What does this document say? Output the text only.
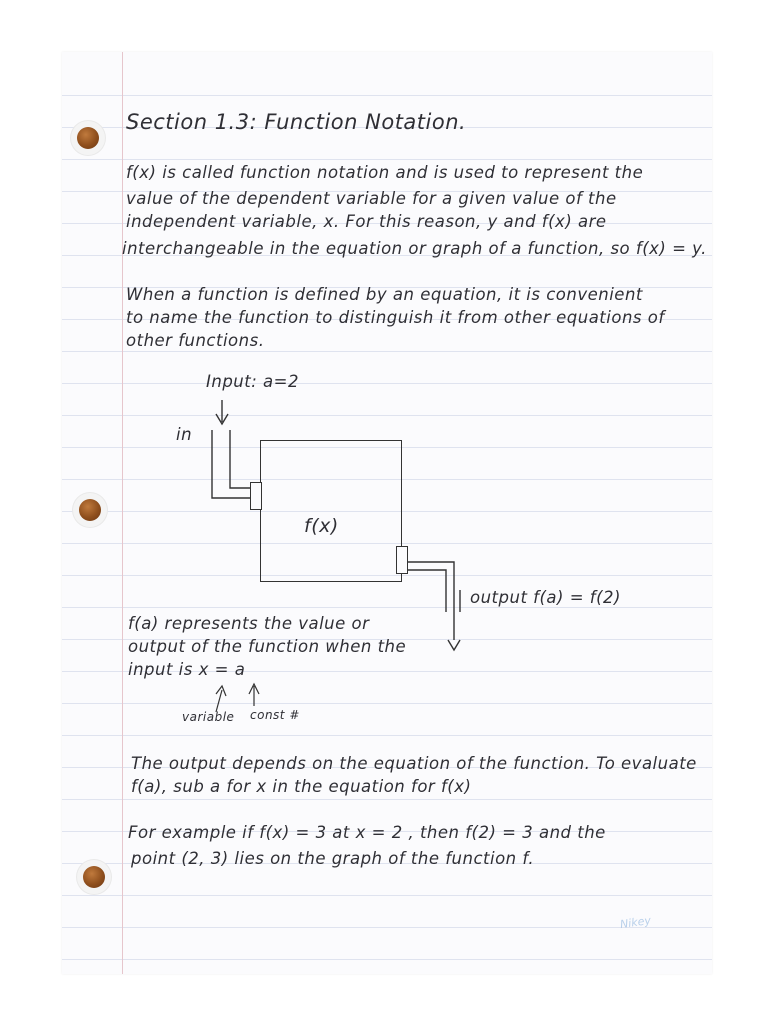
Section 1.3: Function Notation.
f(x) is called function notation and is used to represent the
value of the dependent variable for a given value of the
independent variable, x. For this reason, y and f(x) are
interchangeable in the equation or graph of a function, so f(x) = y.
When a function is defined by an equation, it is convenient
to name the function to distinguish it from other equations of
other functions.
Input: a=2
in
f(x)
output f(a) = f(2)
f(a) represents the value or
output of the function when the
input is x = a
variable const #
The output depends on the equation of the function. To evaluate
f(a), sub a for x in the equation for f(x)
For example if f(x) = 3 at x = 2 , then f(2) = 3 and the
point (2, 3) lies on the graph of the function f.
Nikey
